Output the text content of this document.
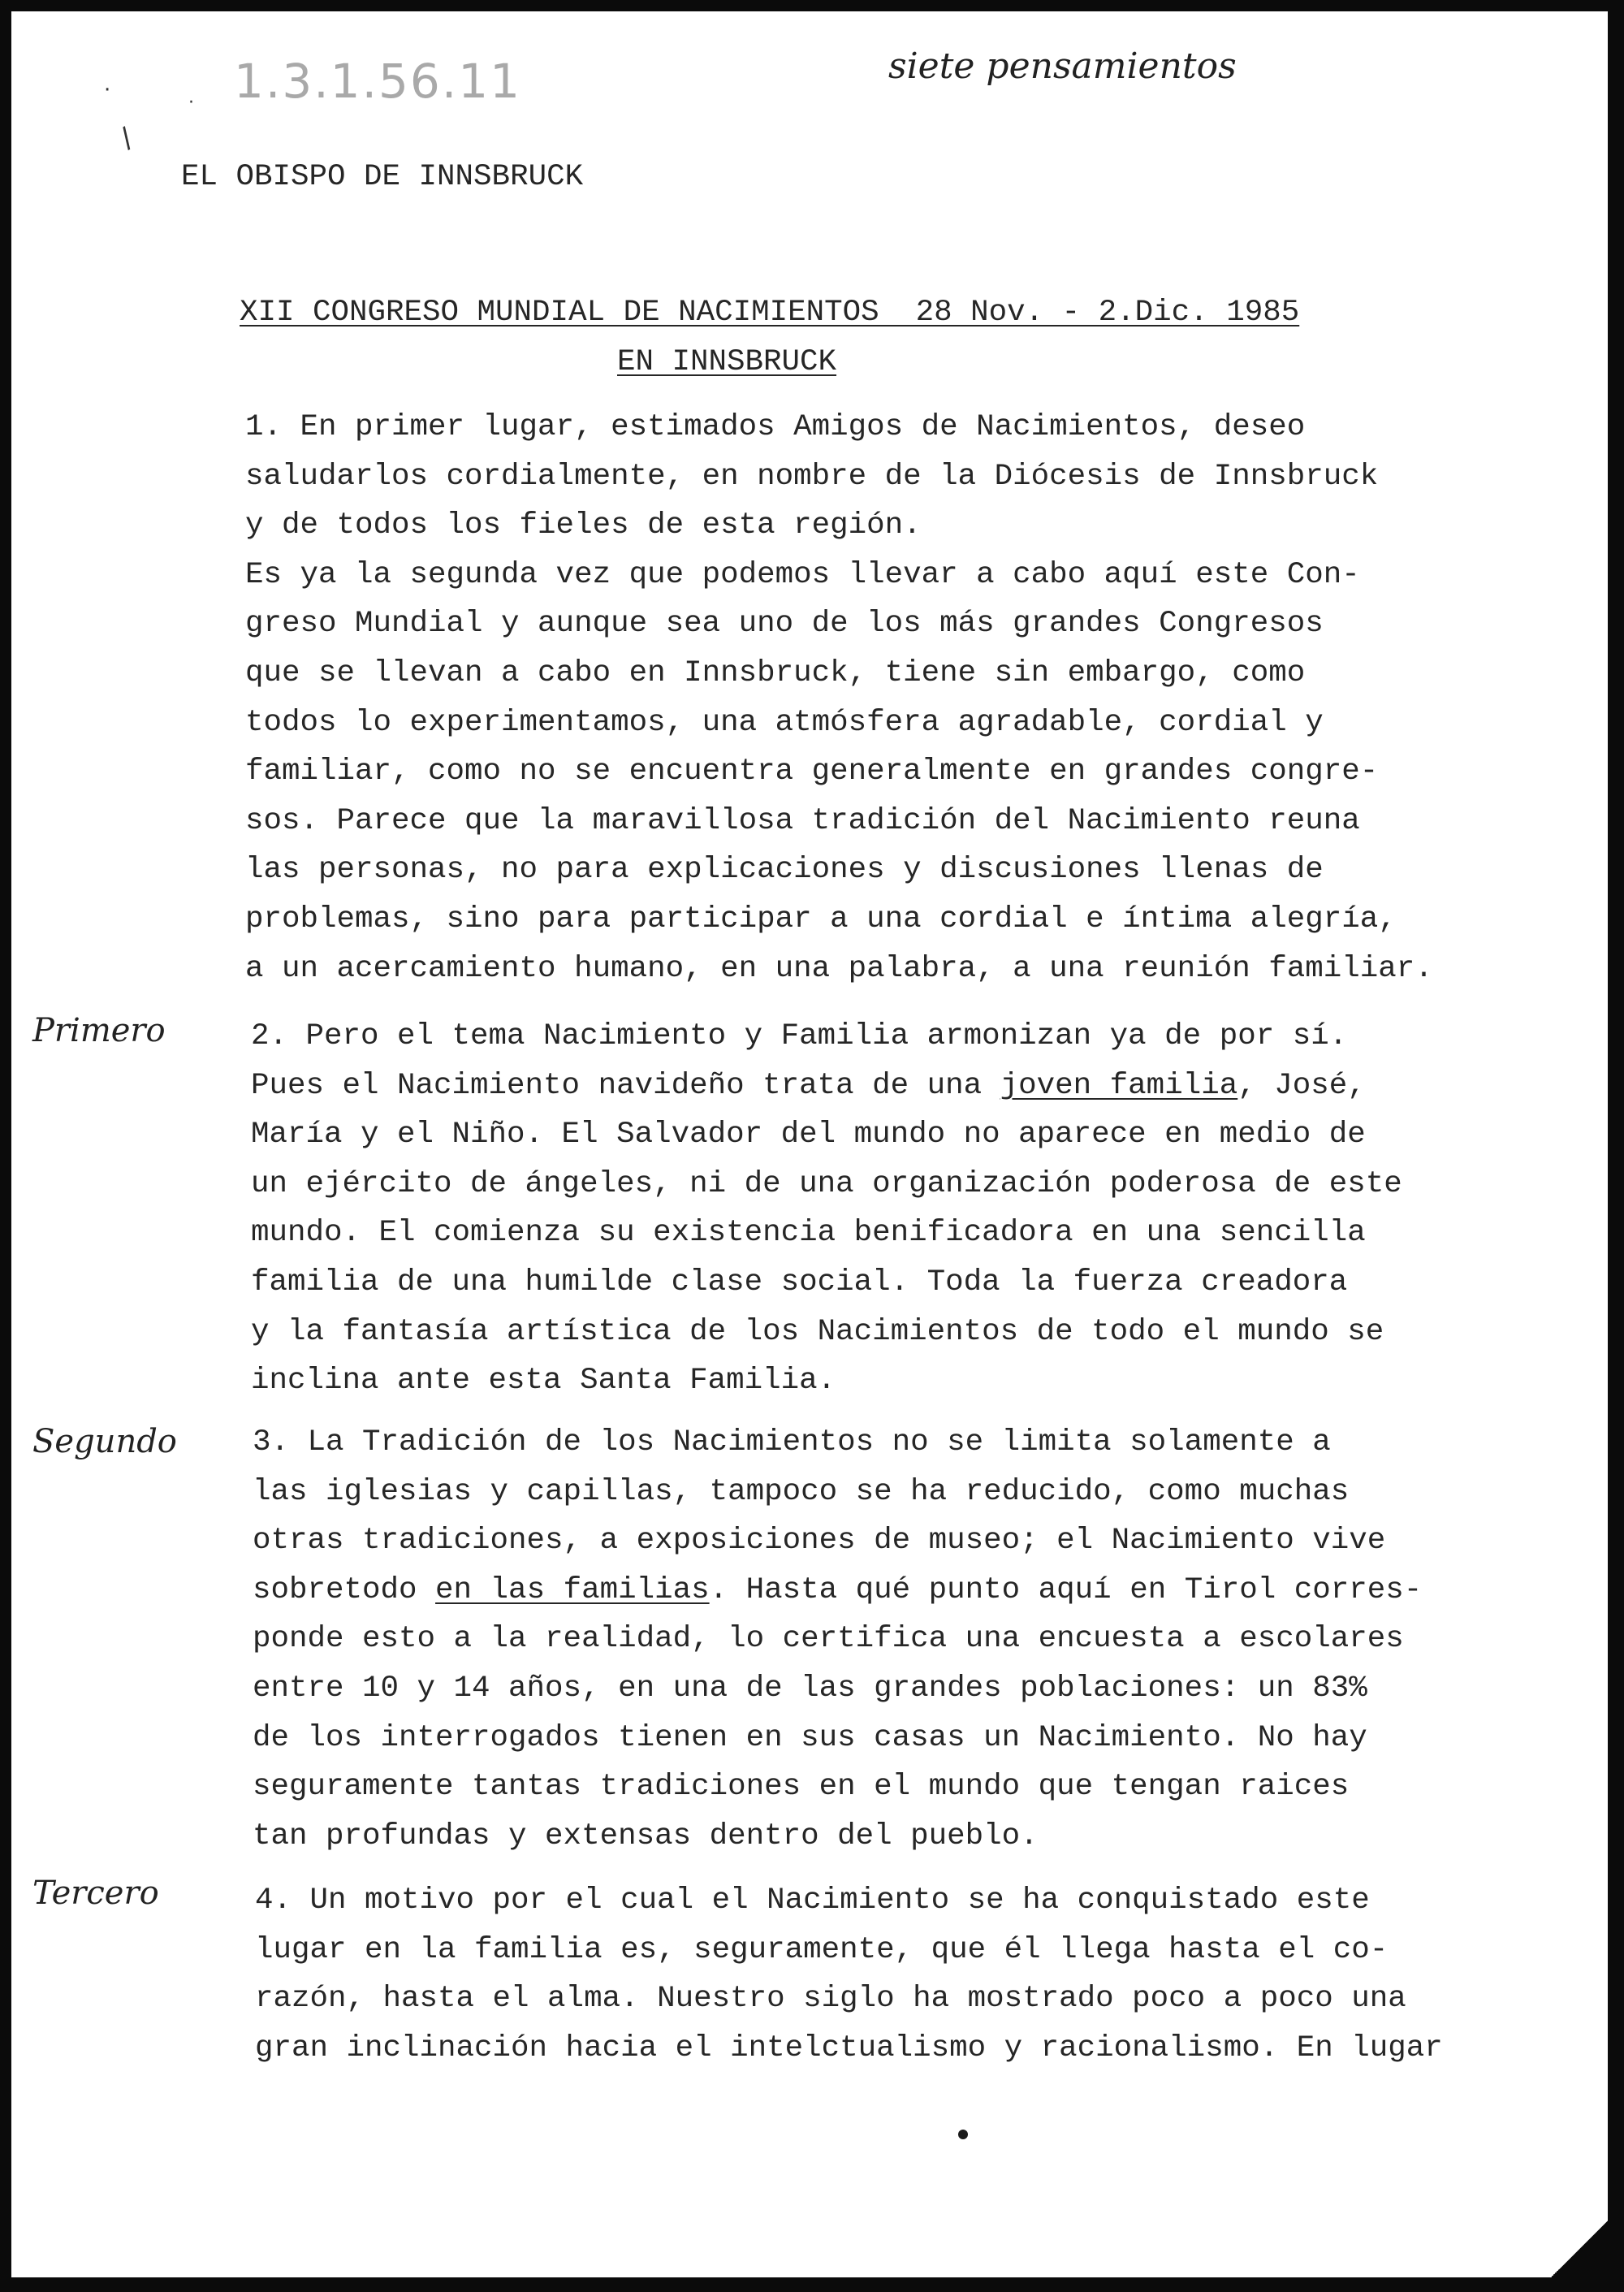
1.3.1.56.11	siete pensamientos
Primero
Segundo
Tercero
·
·
/

EL OBISPO DE INNSBRUCK

XII CONGRESO MUNDIAL DE NACIMIENTOS  28 Nov. - 2.Dic. 1985

EN INNSBRUCK

1. En primer lugar, estimados Amigos de Nacimientos, deseo

saludarlos cordialmente, en nombre de la Diócesis de Innsbruck

y de todos los fieles de esta región.

Es ya la segunda vez que podemos llevar a cabo aquí este Con-

greso Mundial y aunque sea uno de los más grandes Congresos

que se llevan a cabo en Innsbruck, tiene sin embargo, como

todos lo experimentamos, una atmósfera agradable, cordial y

familiar, como no se encuentra generalmente en grandes congre-

sos. Parece que la maravillosa tradición del Nacimiento reuna

las personas, no para explicaciones y discusiones llenas de

problemas, sino para participar a una cordial e íntima alegría,

a un acercamiento humano, en una palabra, a una reunión familiar.

2. Pero el tema Nacimiento y Familia armonizan ya de por sí.

Pues el Nacimiento navideño trata de una joven familia, José,

María y el Niño. El Salvador del mundo no aparece en medio de

un ejército de ángeles, ni de una organización poderosa de este

mundo. El comienza su existencia benificadora en una sencilla

familia de una humilde clase social. Toda la fuerza creadora

y la fantasía artística de los Nacimientos de todo el mundo se

inclina ante esta Santa Familia.

3. La Tradición de los Nacimientos no se limita solamente a

las iglesias y capillas, tampoco se ha reducido, como muchas

otras tradiciones, a exposiciones de museo; el Nacimiento vive

sobretodo en las familias. Hasta qué punto aquí en Tirol corres-

ponde esto a la realidad, lo certifica una encuesta a escolares

entre 10 y 14 años, en una de las grandes poblaciones: un 83%

de los interrogados tienen en sus casas un Nacimiento. No hay

seguramente tantas tradiciones en el mundo que tengan raices

tan profundas y extensas dentro del pueblo.

4. Un motivo por el cual el Nacimiento se ha conquistado este

lugar en la familia es, seguramente, que él llega hasta el co-

razón, hasta el alma. Nuestro siglo ha mostrado poco a poco una

gran inclinación hacia el intelctualismo y racionalismo. En lugar
